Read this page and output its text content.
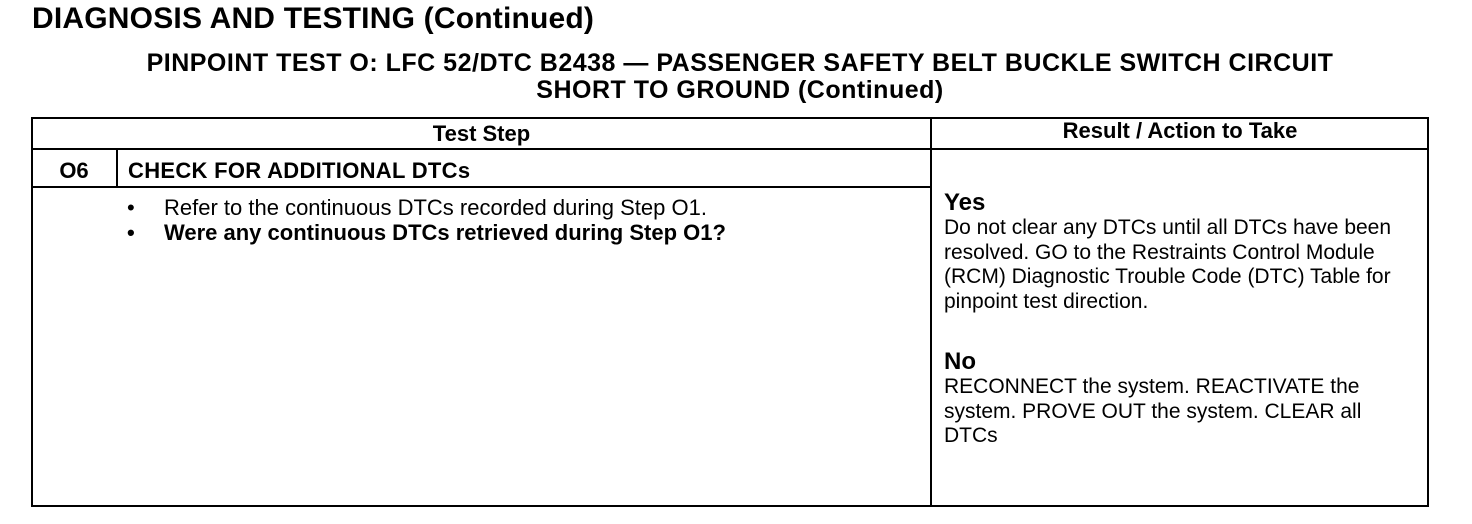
DIAGNOSIS AND TESTING (Continued)
PINPOINT TEST O: LFC 52/DTC B2438 — PASSENGER SAFETY BELT BUCKLE SWITCH CIRCUIT
SHORT TO GROUND (Continued)
Test Step	Result / Action to Take
O6	CHECK FOR ADDITIONAL DTCs
• Refer to the continuous DTCs recorded during Step O1.
• Were any continuous DTCs retrieved during Step O1?
Yes
Do not clear any DTCs until all DTCs have been resolved. GO to the Restraints Control Module (RCM) Diagnostic Trouble Code (DTC) Table for pinpoint test direction.
No
RECONNECT the system. REACTIVATE the system. PROVE OUT the system. CLEAR all DTCs
